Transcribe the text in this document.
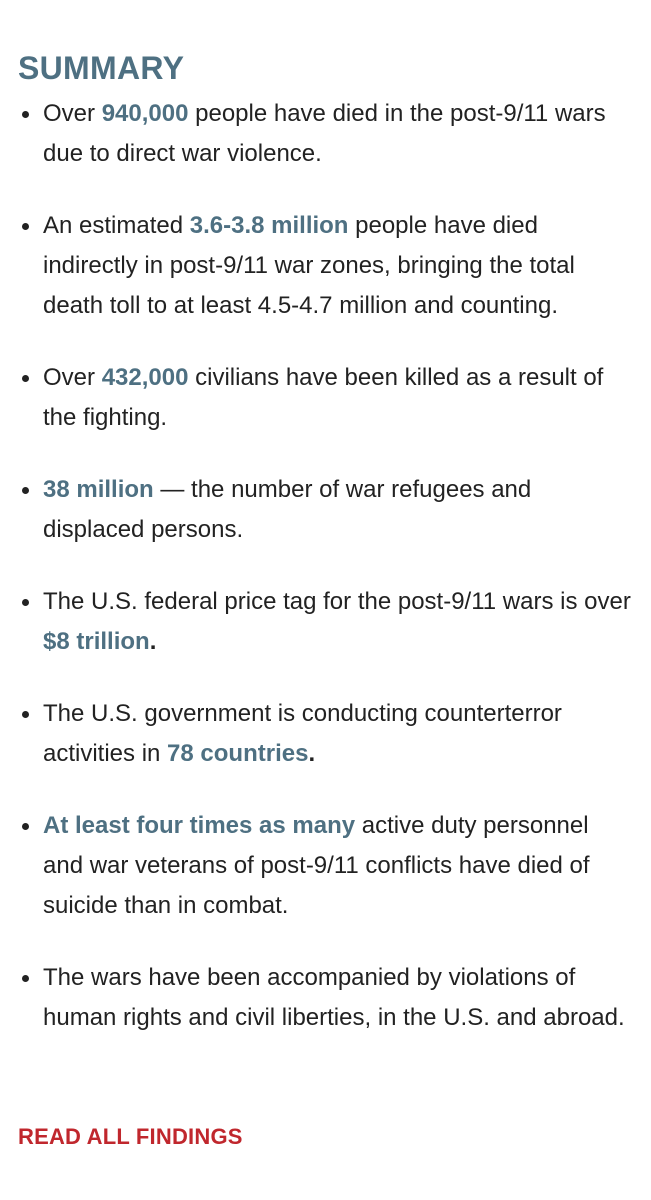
SUMMARY
Over 940,000 people have died in the post-9/11 wars due to direct war violence.
An estimated 3.6-3.8 million people have died indirectly in post-9/11 war zones, bringing the total death toll to at least 4.5-4.7 million and counting.
Over 432,000 civilians have been killed as a result of the fighting.
38 million — the number of war refugees and displaced persons.
The U.S. federal price tag for the post-9/11 wars is over $8 trillion.
The U.S. government is conducting counterterror activities in 78 countries.
At least four times as many active duty personnel and war veterans of post-9/11 conflicts have died of suicide than in combat.
The wars have been accompanied by violations of human rights and civil liberties, in the U.S. and abroad.
READ ALL FINDINGS
